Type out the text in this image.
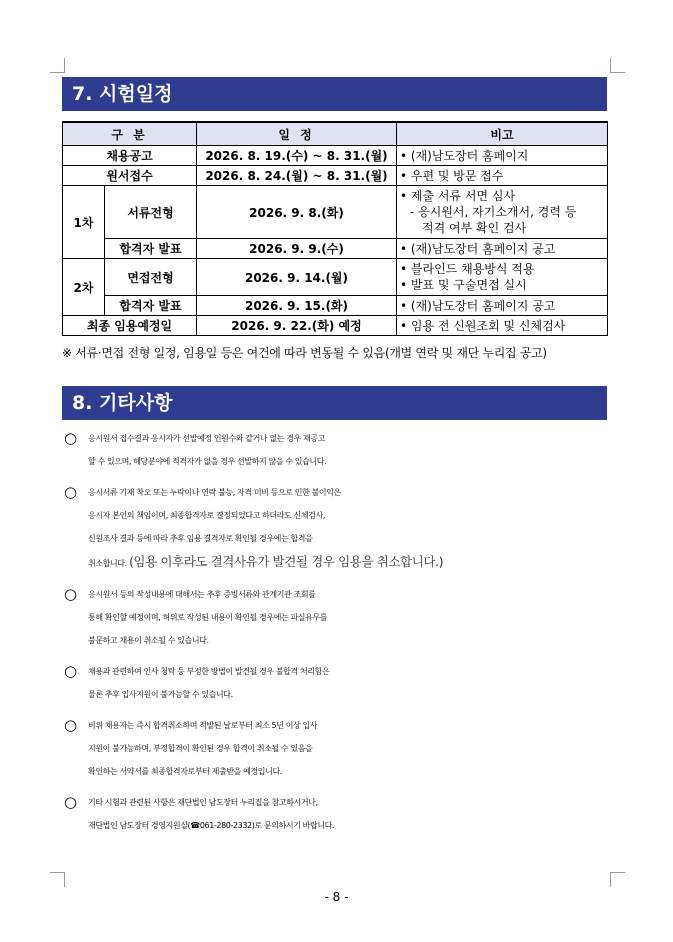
7. 시험일정
구 분		일 정	비고
채용공고		2026. 8. 19.(수) ~ 8. 31.(월)	• (재)남도장터 홈페이지

원서접수		2026. 8. 24.(월) ~ 8. 31.(월)	• 우편 및 방문 접수

1차	서류전형	2026. 9. 8.(화)	• 제출 서류 서면 심사
- 응시원서, 자기소개서, 경력 등
적격 여부 확인 검사

	합격자 발표	2026. 9. 9.(수)	• (재)남도장터 홈페이지 공고

2차	면접전형	2026. 9. 14.(월)	• 블라인드 채용방식 적용
• 발표 및 구술면접 실시

	합격자 발표	2026. 9. 15.(화)	• (재)남도장터 홈페이지 공고

최종 임용예정일		2026. 9. 22.(화) 예정	• 임용 전 신원조회 및 신체검사
※ 서류·면접 전형 일정, 임용일 등은 여건에 따라 변동될 수 있음(개별 연락 및 재단 누리집 공고)
8. 기타사항
○	응시원서 접수결과 응시자가 선발예정 인원수와 같거나 없는 경우 재공고
할 수 있으며, 해당분야에 적격자가 없을 경우 선발하지 않을 수 있습니다.
○	응시서류 기재 착오 또는 누락이나 연락 불능, 자격 미비 등으로 인한 불이익은
응시자 본인의 책임이며, 최종합격자로 결정되었다고 하더라도 신체검사,
신원조사 결과 등에 따라 추후 임용 결격자로 확인될 경우에는 합격을
취소합니다. (임용 이후라도 결격사유가 발견될 경우 임용을 취소합니다.)
○	응시원서 등의 작성내용에 대해서는 추후 증빙서류와 관계기관 조회를
통해 확인할 예정이며, 허위로 작성된 내용이 확인될 경우에는 파실유무를
불문하고 채용이 취소될 수 있습니다.
○	채용과 관련하여 인사 청탁 등 부정한 방법이 발견될 경우 불합격 처리함은
물론 추후 입사지원이 불가능할 수 있습니다.
○	비위 채용자는 즉시 합격취소하며 적발된 날로부터 최소 5년 이상 입사
지원이 불가능하며, 부정합격이 확인된 경우 합격이 취소될 수 있음을
확인하는 서약서를 최종합격자로부터 제출받을 예정입니다.
○	기타 시험과 관련된 사항은 재단법인 남도장터 누리집을 참고하시거나,
재단법인 남도장터 경영지원실(☎061-280-2332)로 문의하시기 바랍니다.
- 8 -
